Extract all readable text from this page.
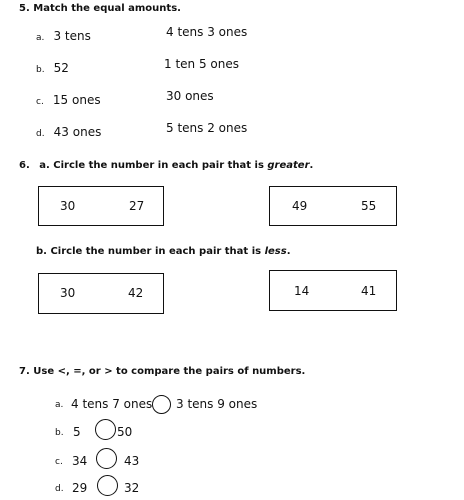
5. Match the equal amounts.
a. 3 tens
b. 52
c. 15 ones
d. 43 ones
4 tens 3 ones
1 ten 5 ones
30 ones
5 tens 2 ones
6. a. Circle the number in each pair that is greater.
30	27	49	55
b. Circle the number in each pair that is less.
30	42	14	41
7. Use <, =, or > to compare the pairs of numbers.
a. 4 tens 7 ones 3 tens 9 ones
b. 5	50
c. 34	43
d. 29	32
